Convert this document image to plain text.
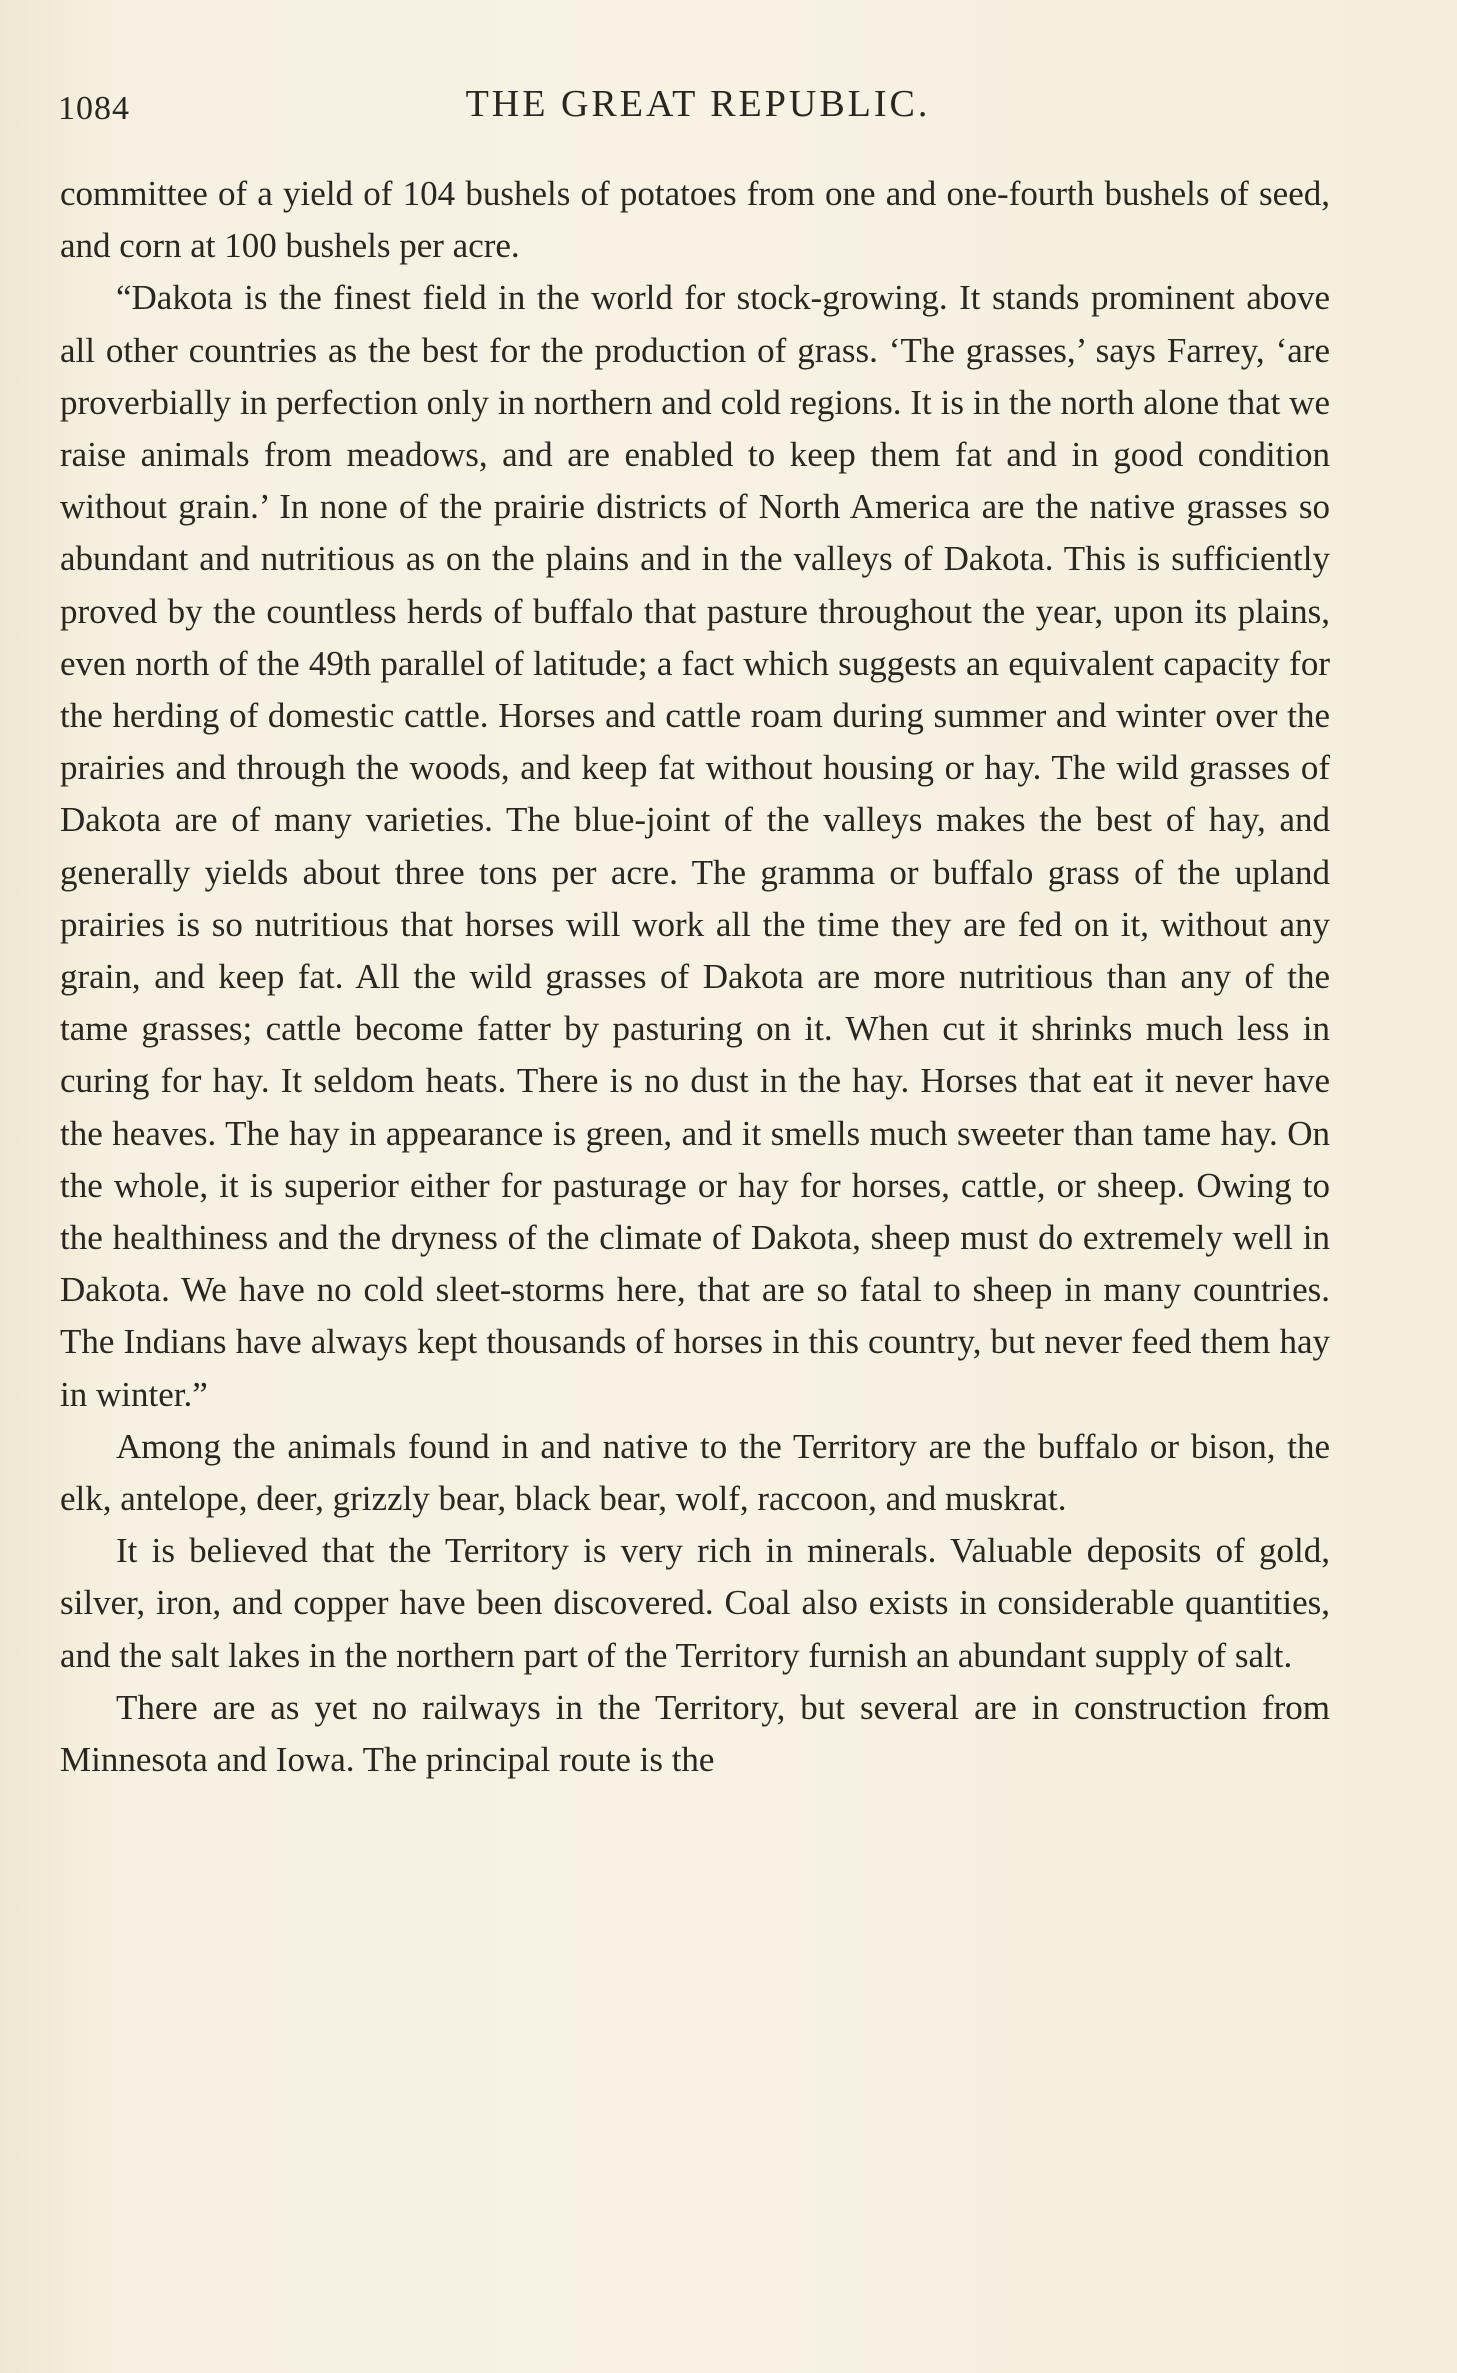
1084	THE GREAT REPUBLIC.

committee of a yield of 104 bushels of potatoes from one and one-fourth bushels of seed, and corn at 100 bushels per acre.

“Dakota is the finest field in the world for stock-growing. It stands prominent above all other countries as the best for the production of grass. ‘The grasses,’ says Farrey, ‘are proverbially in perfection only in northern and cold regions. It is in the north alone that we raise animals from meadows, and are enabled to keep them fat and in good condition without grain.’ In none of the prairie districts of North America are the native grasses so abundant and nutritious as on the plains and in the valleys of Dakota. This is sufficiently proved by the countless herds of buffalo that pasture throughout the year, upon its plains, even north of the 49th parallel of latitude; a fact which suggests an equivalent capacity for the herding of domestic cattle. Horses and cattle roam during summer and winter over the prairies and through the woods, and keep fat without housing or hay. The wild grasses of Dakota are of many varieties. The blue-joint of the valleys makes the best of hay, and generally yields about three tons per acre. The gramma or buffalo grass of the upland prairies is so nutritious that horses will work all the time they are fed on it, without any grain, and keep fat. All the wild grasses of Dakota are more nutritious than any of the tame grasses; cattle become fatter by pasturing on it. When cut it shrinks much less in curing for hay. It seldom heats. There is no dust in the hay. Horses that eat it never have the heaves. The hay in appearance is green, and it smells much sweeter than tame hay. On the whole, it is superior either for pasturage or hay for horses, cattle, or sheep. Owing to the healthiness and the dryness of the climate of Dakota, sheep must do extremely well in Dakota. We have no cold sleet-storms here, that are so fatal to sheep in many countries. The Indians have always kept thousands of horses in this country, but never feed them hay in winter.”

Among the animals found in and native to the Territory are the buffalo or bison, the elk, antelope, deer, grizzly bear, black bear, wolf, raccoon, and muskrat.

It is believed that the Territory is very rich in minerals. Valuable deposits of gold, silver, iron, and copper have been discovered. Coal also exists in considerable quantities, and the salt lakes in the northern part of the Territory furnish an abundant supply of salt.

There are as yet no railways in the Territory, but several are in construction from Minnesota and Iowa. The principal route is the
